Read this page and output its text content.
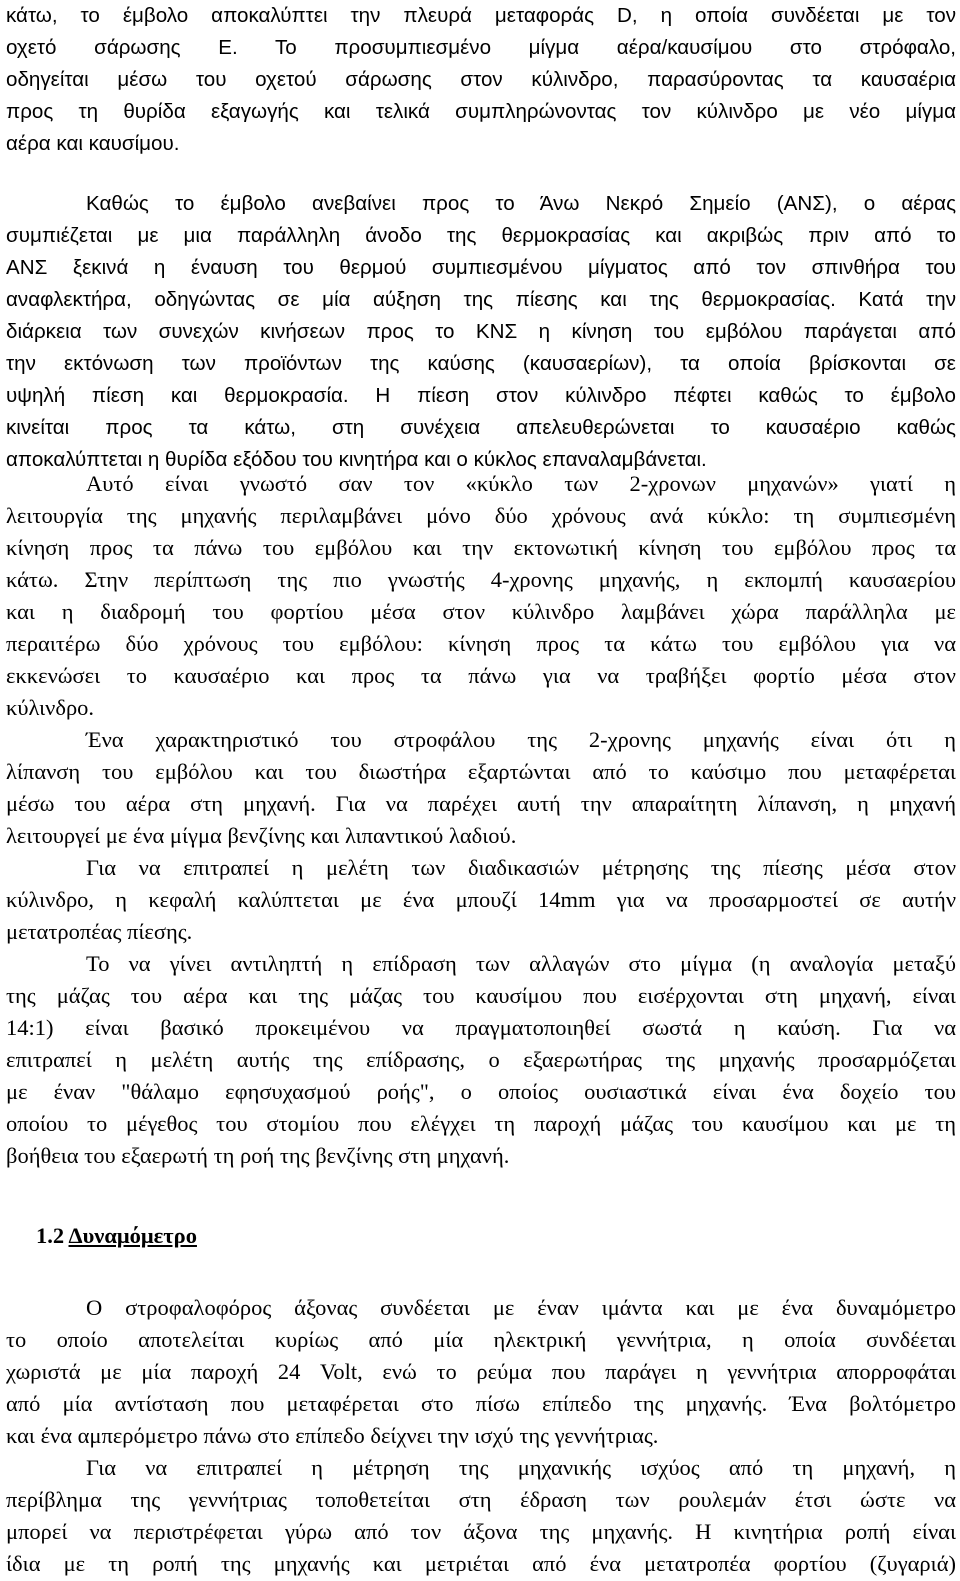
κάτω, το έμβολο αποκαλύπτει την πλευρά μεταφοράς D, η οποία συνδέεται με τον
οχετό σάρωσης Ε. Το προσυμπιεσμένο μίγμα αέρα/καυσίμου στο στρόφαλο,
οδηγείται μέσω του οχετού σάρωσης στον κύλινδρο, παρασύροντας τα καυσαέρια
προς τη θυρίδα εξαγωγής και τελικά συμπληρώνοντας τον κύλινδρο με νέο μίγμα
αέρα και καυσίμου.
Καθώς το έμβολο ανεβαίνει προς το Άνω Νεκρό Σημείο (ΑΝΣ), ο αέρας
συμπιέζεται με μια παράλληλη άνοδο της θερμοκρασίας και ακριβώς πριν από το
ΑΝΣ ξεκινά η έναυση του θερμού συμπιεσμένου μίγματος από τον σπινθήρα του
αναφλεκτήρα, οδηγώντας σε μία αύξηση της πίεσης και της θερμοκρασίας. Κατά την
διάρκεια των συνεχών κινήσεων προς το ΚΝΣ η κίνηση του εμβόλου παράγεται από
την εκτόνωση των προϊόντων της καύσης (καυσαερίων), τα οποία βρίσκονται σε
υψηλή πίεση και θερμοκρασία. Η πίεση στον κύλινδρο πέφτει καθώς το έμβολο
κινείται προς τα κάτω, στη συνέχεια απελευθερώνεται το καυσαέριο καθώς
αποκαλύπτεται η θυρίδα εξόδου του κινητήρα και ο κύκλος επαναλαμβάνεται.
Αυτό είναι γνωστό σαν τον «κύκλο των 2-χρονων μηχανών» γιατί η
λειτουργία της μηχανής περιλαμβάνει μόνο δύο χρόνους ανά κύκλο: τη συμπιεσμένη
κίνηση προς τα πάνω του εμβόλου και την εκτονωτική κίνηση του εμβόλου προς τα
κάτω. Στην περίπτωση της πιο γνωστής 4-χρονης μηχανής, η εκπομπή καυσαερίου
και η διαδρομή του φορτίου μέσα στον κύλινδρο λαμβάνει χώρα παράλληλα με
περαιτέρω δύο χρόνους του εμβόλου: κίνηση προς τα κάτω του εμβόλου για να
εκκενώσει το καυσαέριο και προς τα πάνω για να τραβήξει φορτίο μέσα στον
κύλινδρο.
Ένα χαρακτηριστικό του στροφάλου της 2-χρονης μηχανής είναι ότι η
λίπανση του εμβόλου και του διωστήρα εξαρτώνται από το καύσιμο που μεταφέρεται
μέσω του αέρα στη μηχανή. Για να παρέχει αυτή την απαραίτητη λίπανση, η μηχανή
λειτουργεί με ένα μίγμα βενζίνης και λιπαντικού λαδιού.
Για να επιτραπεί η μελέτη των διαδικασιών μέτρησης της πίεσης μέσα στον
κύλινδρο, η κεφαλή καλύπτεται με ένα μπουζί 14mm για να προσαρμοστεί σε αυτήν
μετατροπέας πίεσης.
Το να γίνει αντιληπτή η επίδραση των αλλαγών στο μίγμα (η αναλογία μεταξύ
της μάζας του αέρα και της μάζας του καυσίμου που εισέρχονται στη μηχανή, είναι
14:1) είναι βασικό προκειμένου να πραγματοποιηθεί σωστά η καύση. Για να
επιτραπεί η μελέτη αυτής της επίδρασης, ο εξαερωτήρας της μηχανής προσαρμόζεται
με έναν "θάλαμο εφησυχασμού ροής", ο οποίος ουσιαστικά είναι ένα δοχείο του
οποίου το μέγεθος του στομίου που ελέγχει τη παροχή μάζας του καυσίμου και με τη
βοήθεια του εξαερωτή τη ροή της βενζίνης στη μηχανή.
1.2 Δυναμόμετρο
Ο στροφαλοφόρος άξονας συνδέεται με έναν ιμάντα και με ένα δυναμόμετρο
το οποίο αποτελείται κυρίως από μία ηλεκτρική γεννήτρια, η οποία συνδέεται
χωριστά με μία παροχή 24 Volt, ενώ το ρεύμα που παράγει η γεννήτρια απορροφάται
από μία αντίσταση που μεταφέρεται στο πίσω επίπεδο της μηχανής. Ένα βολτόμετρο
και ένα αμπερόμετρο πάνω στο επίπεδο δείχνει την ισχύ της γεννήτριας.
Για να επιτραπεί η μέτρηση της μηχανικής ισχύος από τη μηχανή, η
περίβλημα της γεννήτριας τοποθετείται στη έδραση των ρουλεμάν έτσι ώστε να
μπορεί να περιστρέφεται γύρω από τον άξονα της μηχανής. Η κινητήρια ροπή είναι
ίδια με τη ροπή της μηχανής και μετριέται από ένα μετατροπέα φορτίου (ζυγαριά)
